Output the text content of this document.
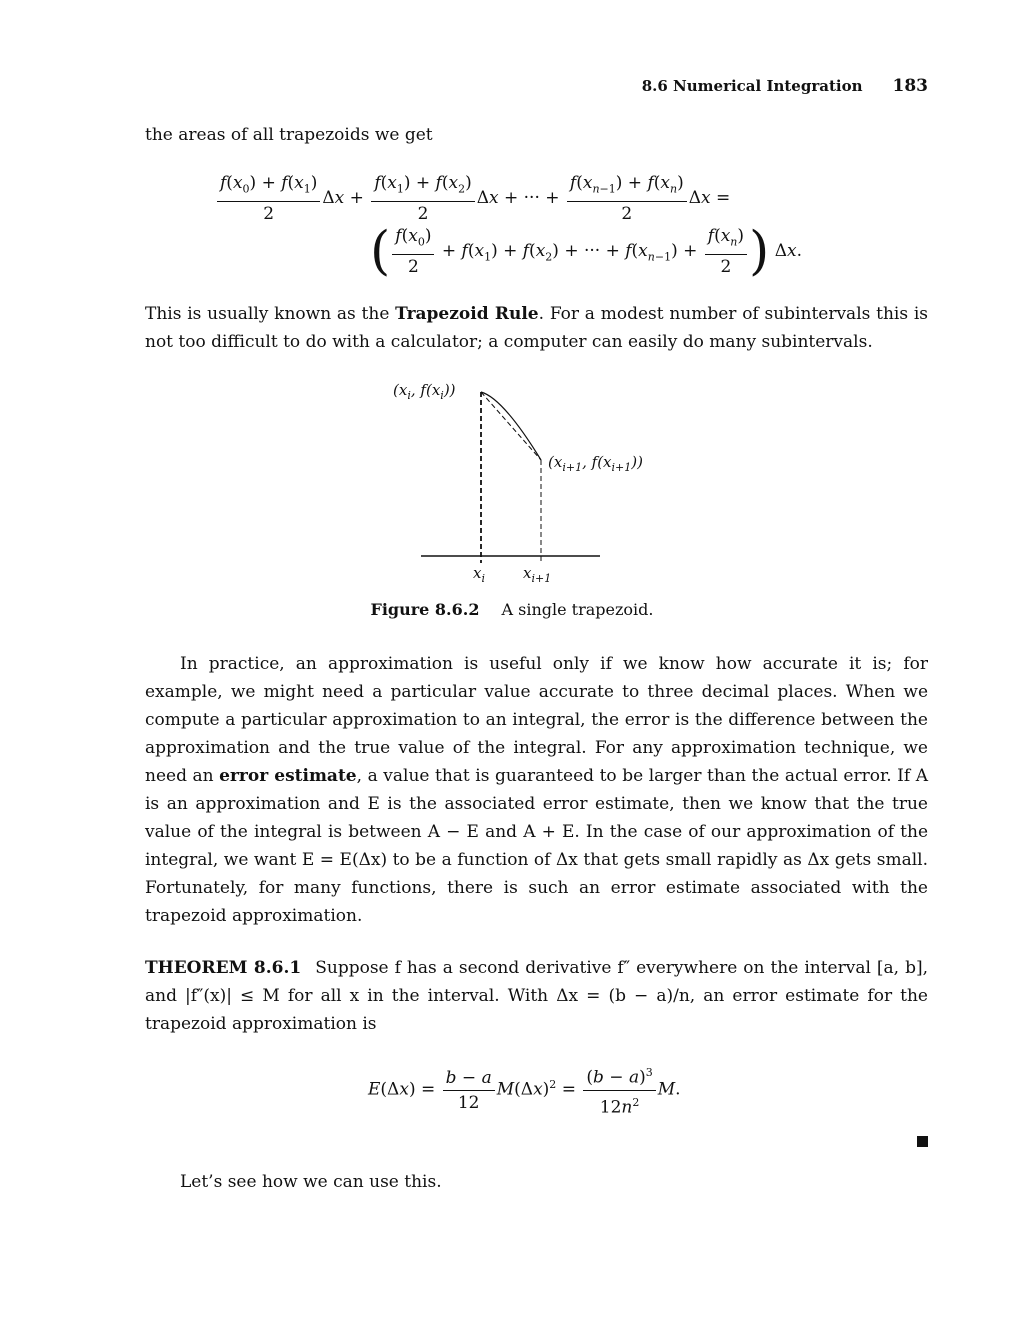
8.6 Numerical Integration 183
the areas of all trapezoids we get
$\frac{f(x_0) + f(x_1)}{2}$ $\Delta x + \frac{f(x_1) + f(x_2)}{2}$ Δx + ··· + $\frac{f(x_{n-1}) + f(x_n)}{2}$ Δx =
( $\frac{f(x_0)}{2} + f(x_1) + f(x_2)$ + ··· + $f(x_{n-1}) + \frac{f(x_n)}{2}$ ) Δx.
This is usually known as the Trapezoid Rule. For a modest number of subintervals this is not too difficult to do with a calculator; a computer can easily do many subintervals.
($x_i$, $f(x_i)$)
($x_{i+1}$, $f(x_{i+1})$)
$x_i$	$x_{i+1}$
Figure 8.6.2 A single trapezoid.
In practice, an approximation is useful only if we know how accurate it is; for example, we might need a particular value accurate to three decimal places. When we compute a particular approximation to an integral, the error is the difference between the approximation and the true value of the integral. For any approximation technique, we need an error estimate, a value that is guaranteed to be larger than the actual error. If A is an approximation and E is the associated error estimate, then we know that the true value of the integral is between A − E and A + E. In the case of our approximation of the integral, we want E = E(Δx) to be a function of Δx that gets small rapidly as Δx gets small. Fortunately, for many functions, there is such an error estimate associated with the trapezoid approximation.
THEOREM 8.6.1 Suppose f has a second derivative f″ everywhere on the interval [a, b], and |f″(x)| ≤ M for all x in the interval. With Δx = (b − a)/n, an error estimate for the trapezoid approximation is
$E(\Delta x) = \frac{b - a}{12} M(\Delta x)^2 = \frac{(b - a)^3}{12n^2} M$.
Let’s see how we can use this.
